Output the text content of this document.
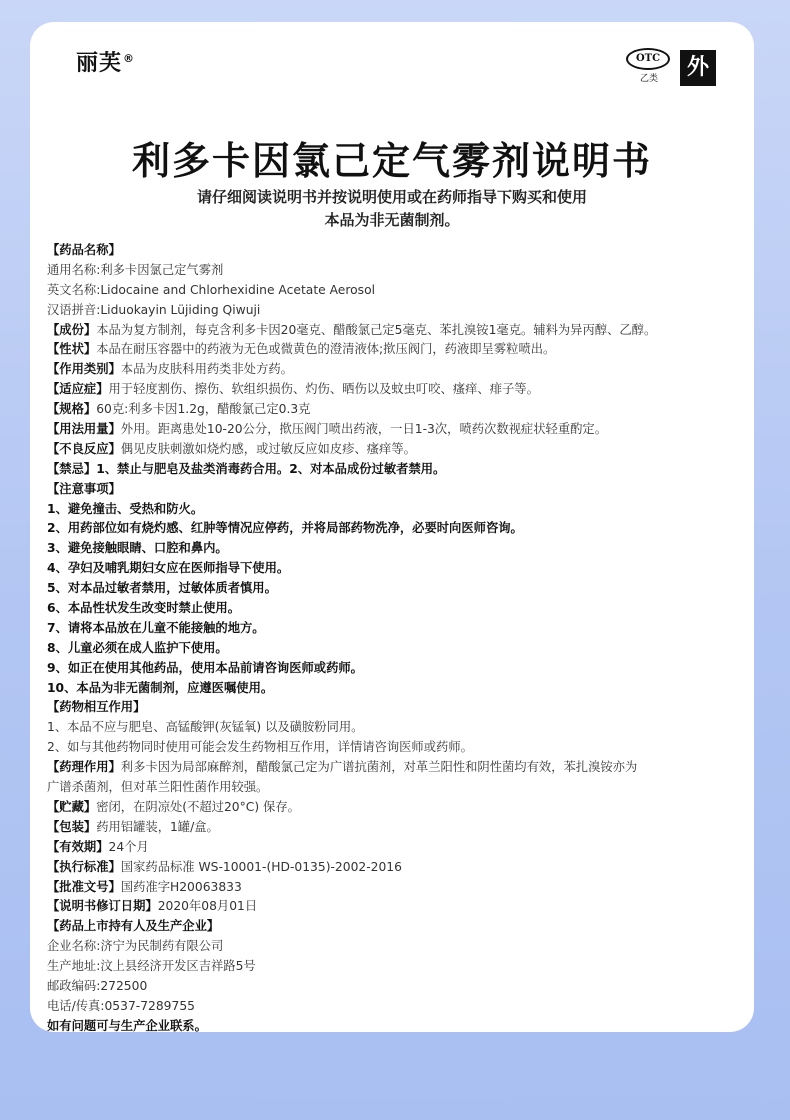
丽芙®	OTC
乙类	外
利多卡因氯己定气雾剂说明书
请仔细阅读说明书并按说明使用或在药师指导下购买和使用
本品为非无菌制剂。
【药品名称】
通用名称:利多卡因氯己定气雾剂
英文名称:Lidocaine and Chlorhexidine Acetate Aerosol
汉语拼音:Liduokayin Lüjiding Qiwuji
【成份】本品为复方制剂，每克含利多卡因20毫克、醋酸氯己定5毫克、苯扎溴铵1毫克。辅料为异丙醇、乙醇。
【性状】本品在耐压容器中的药液为无色或微黄色的澄清液体;揿压阀门，药液即呈雾粒喷出。
【作用类别】本品为皮肤科用药类非处方药。
【适应症】用于轻度割伤、擦伤、软组织损伤、灼伤、晒伤以及蚊虫叮咬、瘙痒、痱子等。
【规格】60克:利多卡因1.2g，醋酸氯己定0.3克
【用法用量】外用。距离患处10-20公分，揿压阀门喷出药液，一日1-3次，喷药次数视症状轻重酌定。
【不良反应】偶见皮肤刺激如烧灼感，或过敏反应如皮疹、瘙痒等。
【禁忌】1、禁止与肥皂及盐类消毒药合用。2、对本品成份过敏者禁用。
【注意事项】
1、避免撞击、受热和防火。
2、用药部位如有烧灼感、红肿等情况应停药，并将局部药物洗净，必要时向医师咨询。
3、避免接触眼睛、口腔和鼻内。
4、孕妇及哺乳期妇女应在医师指导下使用。
5、对本品过敏者禁用，过敏体质者慎用。
6、本品性状发生改变时禁止使用。
7、请将本品放在儿童不能接触的地方。
8、儿童必须在成人监护下使用。
9、如正在使用其他药品，使用本品前请咨询医师或药师。
10、本品为非无菌制剂，应遵医嘱使用。
【药物相互作用】
1、本品不应与肥皂、高锰酸钾(灰锰氧) 以及磺胺粉同用。
2、如与其他药物同时使用可能会发生药物相互作用，详情请咨询医师或药师。
【药理作用】利多卡因为局部麻醉剂，醋酸氯己定为广谱抗菌剂，对革兰阳性和阴性菌均有效，苯扎溴铵亦为
广谱杀菌剂，但对革兰阳性菌作用较强。
【贮藏】密闭，在阴凉处(不超过20°C) 保存。
【包装】药用铝罐装，1罐/盒。
【有效期】24个月
【执行标准】国家药品标准 WS-10001-(HD-0135)-2002-2016
【批准文号】国药准字H20063833
【说明书修订日期】2020年08月01日
【药品上市持有人及生产企业】
企业名称:济宁为民制药有限公司
生产地址:汶上县经济开发区吉祥路5号
邮政编码:272500
电话/传真:0537-7289755
如有问题可与生产企业联系。
